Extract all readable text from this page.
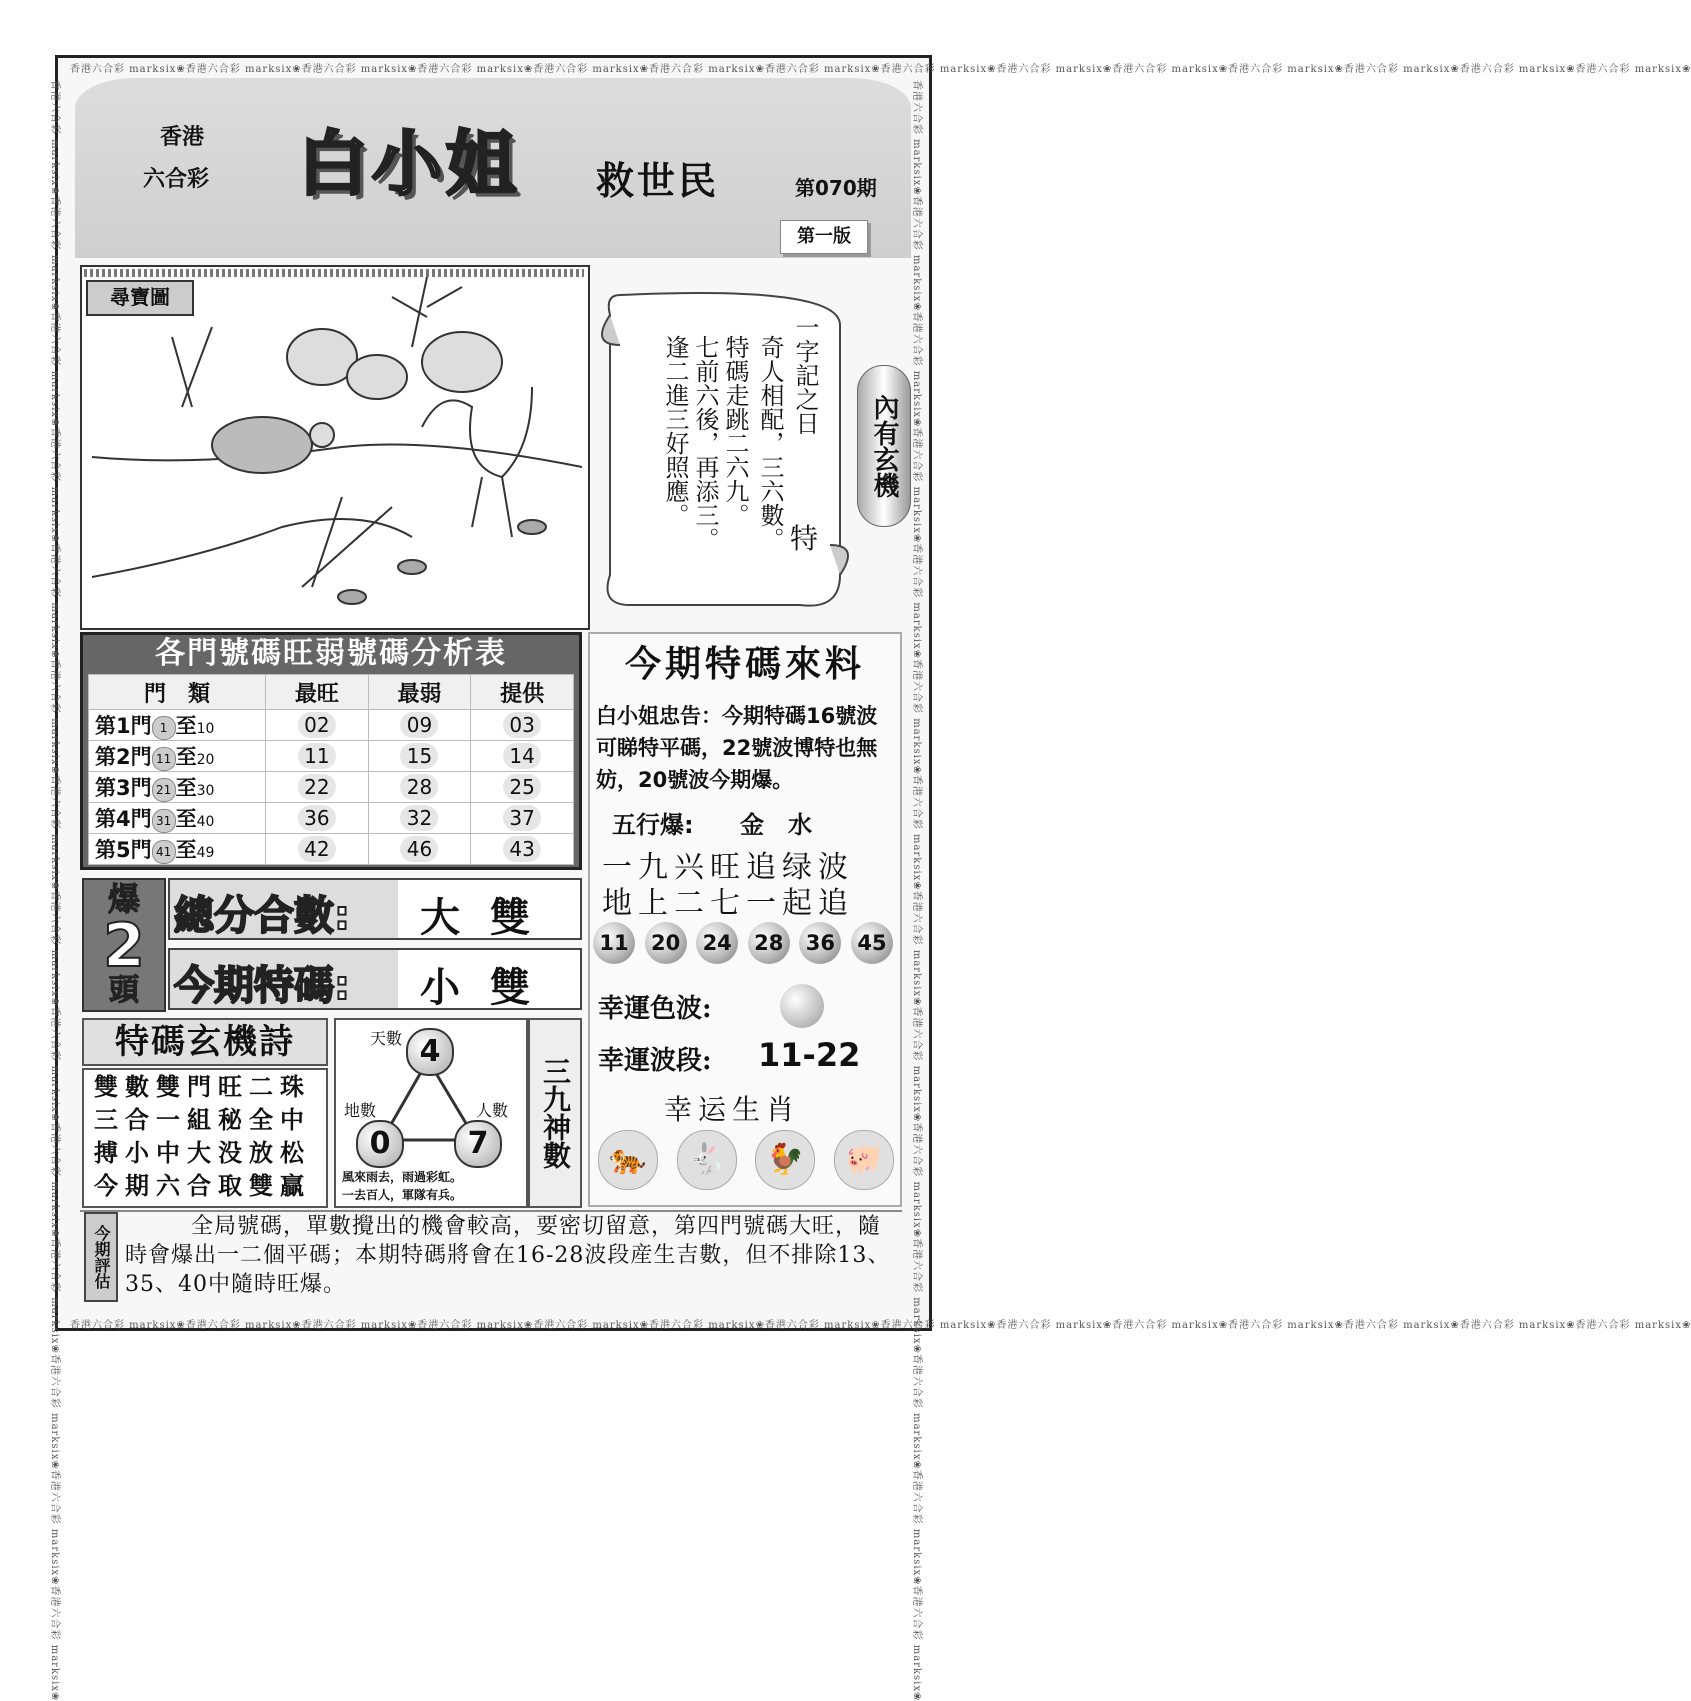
香港六合彩 marksix❀香港六合彩 marksix❀香港六合彩 marksix❀香港六合彩 marksix❀香港六合彩 marksix❀香港六合彩 marksix❀香港六合彩 marksix❀香港六合彩 marksix❀香港六合彩 marksix❀香港六合彩 marksix❀香港六合彩 marksix❀香港六合彩 marksix❀香港六合彩 marksix❀香港六合彩 marksix❀
香港六合彩 marksix❀香港六合彩 marksix❀香港六合彩 marksix❀香港六合彩 marksix❀香港六合彩 marksix❀香港六合彩 marksix❀香港六合彩 marksix❀香港六合彩 marksix❀香港六合彩 marksix❀香港六合彩 marksix❀香港六合彩 marksix❀香港六合彩 marksix❀香港六合彩 marksix❀香港六合彩 marksix❀
香港六合彩 marksix❀香港六合彩 marksix❀香港六合彩 marksix❀香港六合彩 marksix❀香港六合彩 marksix❀香港六合彩 marksix❀香港六合彩 marksix❀香港六合彩 marksix❀香港六合彩 marksix❀香港六合彩 marksix❀香港六合彩 marksix❀香港六合彩 marksix❀香港六合彩 marksix❀香港六合彩 marksix❀	香港六合彩 marksix❀香港六合彩 marksix❀香港六合彩 marksix❀香港六合彩 marksix❀香港六合彩 marksix❀香港六合彩 marksix❀香港六合彩 marksix❀香港六合彩 marksix❀香港六合彩 marksix❀香港六合彩 marksix❀香港六合彩 marksix❀香港六合彩 marksix❀香港六合彩 marksix❀香港六合彩 marksix❀
香港
六合彩 白小姐 救世民	第070期
第一版
尋寶圖
一字記之日
奇人相配，三六數。
特碼走跳二六九。
七前六後，再添三。
逢二進三好照應。
特
內有玄機
各門號碼旺弱號碼分析表
門　類	最旺	最弱	提供
第1門 1 至10	02	09	03
第2門 11 至20	11	15	14
第3門 21 至30	22	28	25
第4門 31 至40	36	32	37
第5門 41 至49	42	46	43
今期特碼來料
白小姐忠告：今期特碼16號波可睇特平碼，22號波博特也無妨，20號波今期爆。
五行爆: 金　水
一九兴旺追绿波
地上二七一起追
11	20	24	28	36	45
幸運色波:
幸運波段: 11-22
幸运生肖
🐅	🐇	🐓	🐖
爆
2
頭
總分合數: 大雙
今期特碼: 小雙
特碼玄機詩
雙數雙門旺二珠
三合一組秘全中
搏小中大没放松
今期六合取雙贏
天數 4
地數
0
人數
7
風來雨去，雨過彩虹。
一去百人，軍隊有兵。
三九神數
今期評估	全局號碼，單數攪出的機會較高，要密切留意，第四門號碼大旺，隨時會爆出一二個平碼；本期特碼將會在16-28波段産生吉數，但不排除13、35、40中隨時旺爆。
